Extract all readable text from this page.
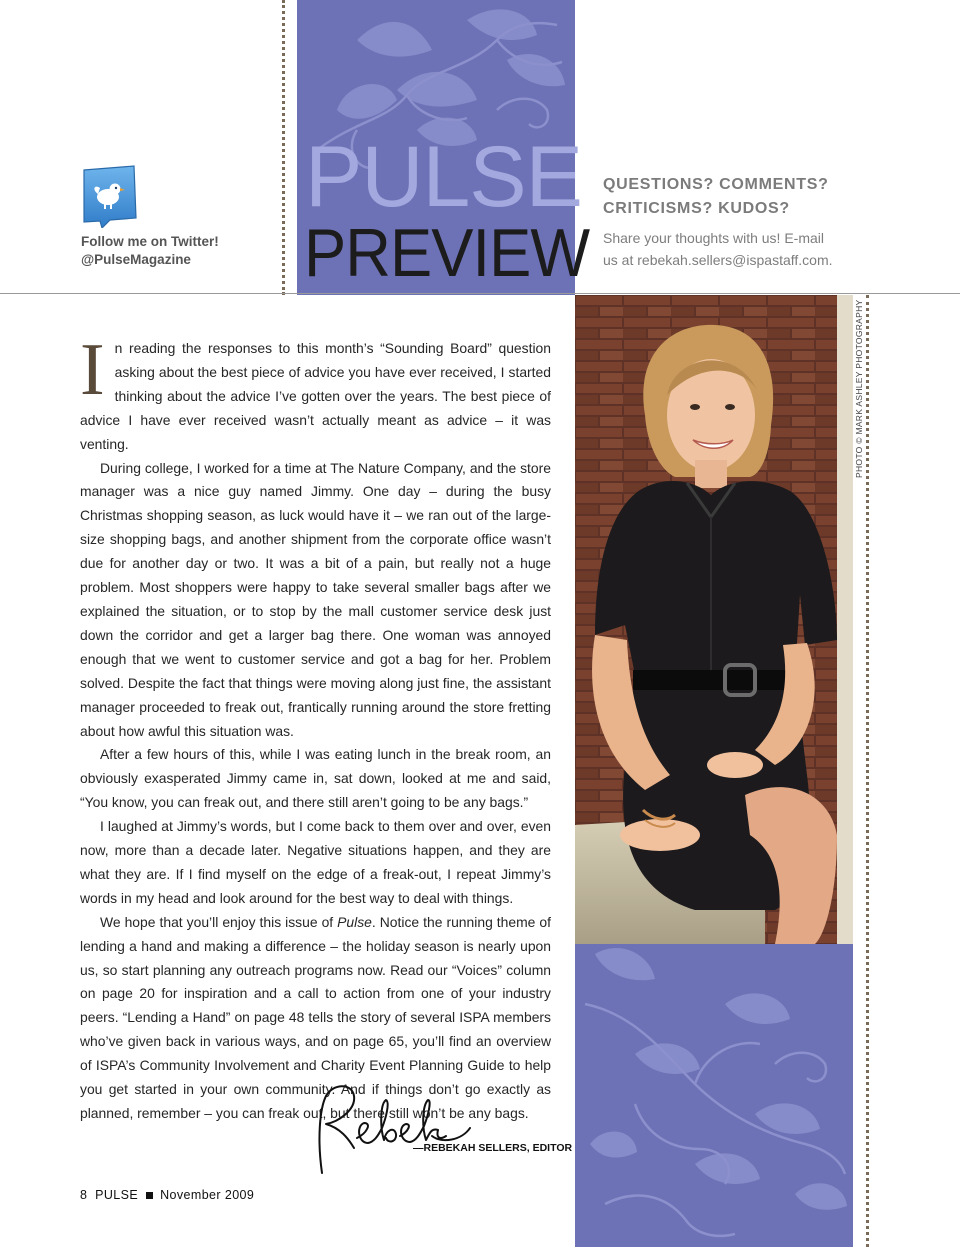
Follow me on Twitter!
@PulseMagazine
PULSE
PREVIEW
QUESTIONS? COMMENTS?
CRITICISMS? KUDOS?
Share your thoughts with us! E-mail
us at rebekah.sellers@ispastaff.com.
PHOTO © MARK ASHLEY PHOTOGRAPHY

In reading the responses to this month’s “Sounding Board” question asking about the best piece of advice you have ever received, I started thinking about the advice I’ve gotten over the years. The best piece of advice I have ever received wasn’t actually meant as advice – it was venting.

During college, I worked for a time at The Nature Company, and the store manager was a nice guy named Jimmy. One day – during the busy Christmas shopping season, as luck would have it – we ran out of the large-size shopping bags, and another shipment from the corporate office wasn’t due for another day or two. It was a bit of a pain, but really not a huge problem. Most shoppers were happy to take several smaller bags after we explained the situation, or to stop by the mall customer service desk just down the corridor and get a larger bag there. One woman was annoyed enough that we went to customer service and got a bag for her. Problem solved. Despite the fact that things were moving along just fine, the assistant manager proceeded to freak out, frantically running around the store fretting about how awful this situation was.

After a few hours of this, while I was eating lunch in the break room, an obviously exasperated Jimmy came in, sat down, looked at me and said, “You know, you can freak out, and there still aren’t going to be any bags.”

I laughed at Jimmy’s words, but I come back to them over and over, even now, more than a decade later. Negative situations happen, and they are what they are. If I find myself on the edge of a freak-out, I repeat Jimmy’s words in my head and look around for the best way to deal with things.

We hope that you’ll enjoy this issue of Pulse. Notice the running theme of lending a hand and making a difference – the holiday season is nearly upon us, so start planning any outreach programs now. Read our “Voices” column on page 20 for inspiration and a call to action from one of your industry peers. “Lending a Hand” on page 48 tells the story of several ISPA members who’ve given back in various ways, and on page 65, you’ll find an overview of ISPA’s Community Involvement and Charity Event Planning Guide to help you get started in your own community. And if things don’t go exactly as planned, remember – you can freak out, but there still won’t be any bags.

—REBEKAH SELLERS, EDITOR
8 PULSE November 2009
